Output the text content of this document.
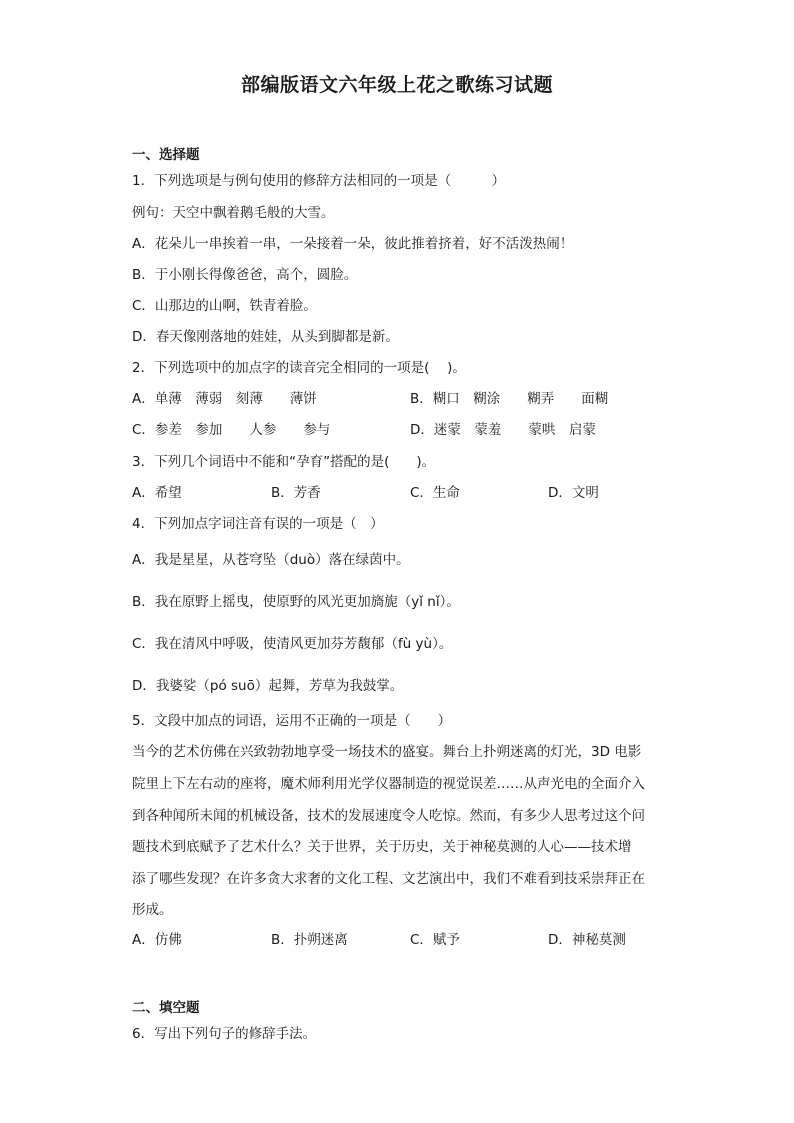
部编版语文六年级上花之歌练习试题
一、选择题
1．下列选项是与例句使用的修辞方法相同的一项是（　　　）
例句：天空中飘着鹅毛般的大雪。
A．花朵儿一串挨着一串，一朵接着一朵，彼此推着挤着，好不活泼热闹！
B．于小刚长得像爸爸，高个，圆脸。
C．山那边的山啊，铁青着脸。
D．春天像刚落地的娃娃，从头到脚都是新。
2．下列选项中的加点字的读音完全相同的一项是(　 )。
A．单薄　薄弱　刻薄　　薄饼	B．糊口　糊涂　　糊弄　　面糊
C．参差　参加　　人参　　参与	D．迷蒙　蒙羞　　蒙哄　启蒙
3．下列几个词语中不能和“孕育”搭配的是(　　)。
A．希望	B．芳香	C．生命	D．文明
4．下列加点字词注音有误的一项是（　）
A．我是星星，从苍穹坠（duò）落在绿茵中。
B．我在原野上摇曳，使原野的风光更加旖旎（yǐ nǐ）。
C．我在清风中呼吸，使清风更加芬芳馥郁（fù yù）。
D．我婆娑（pó suō）起舞，芳草为我鼓掌。
5．文段中加点的词语，运用不正确的一项是（　　）
当今的艺术仿佛在兴致勃勃地享受一场技术的盛宴。舞台上扑朔迷离的灯光，3D 电影
院里上下左右动的座将，魔术师利用光学仪器制造的视觉误差……从声光电的全面介入
到各种闻所未闻的机械设备，技术的发展速度令人吃惊。然而，有多少人思考过这个问
题技术到底赋予了艺术什么？关于世界，关于历史，关于神秘莫测的人心——技术增
添了哪些发现？在许多贪大求奢的文化工程、文艺演出中，我们不难看到技采崇拜正在
形成。
A．仿佛	B．扑朔迷离	C．赋予	D．神秘莫测
二、填空题
6．写出下列句子的修辞手法。
